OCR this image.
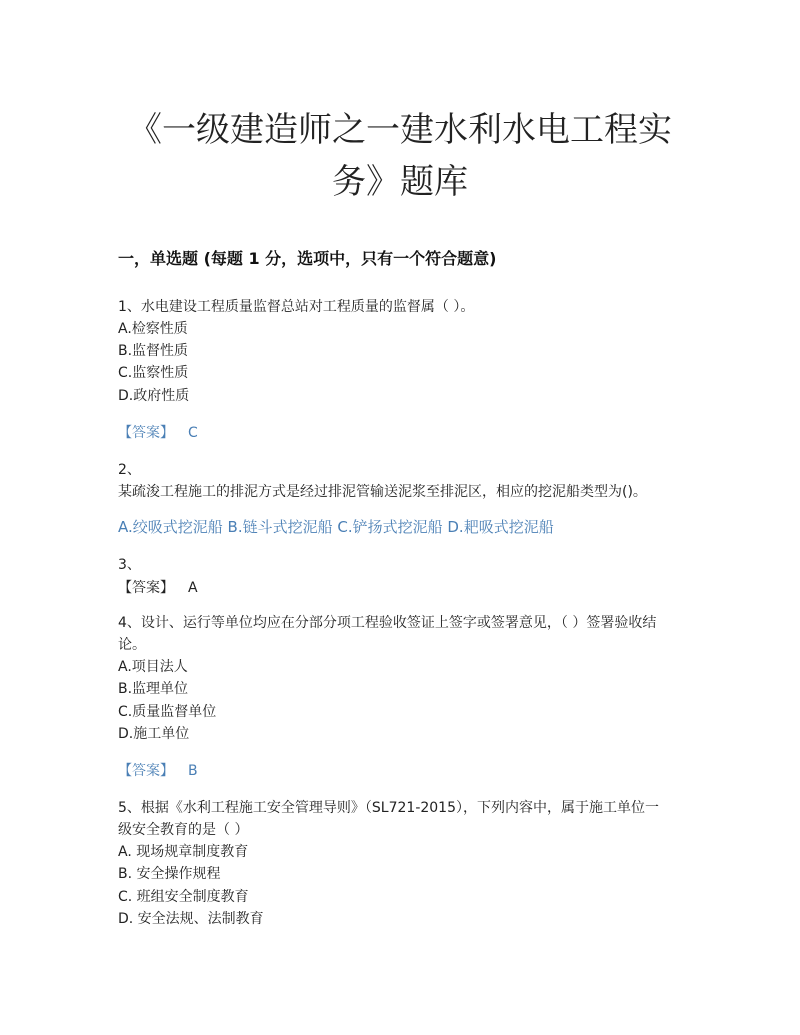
《一级建造师之一建水利水电工程实
务》题库
一，单选题 (每题 1 分，选项中，只有一个符合题意)
1、水电建设工程质量监督总站对工程质量的监督属（ ）。
A.检察性质
B.监督性质
C.监察性质
D.政府性质
【答案】 C
2、
某疏浚工程施工的排泥方式是经过排泥管输送泥浆至排泥区，相应的挖泥船类型为()。
A.绞吸式挖泥船 B.链斗式挖泥船 C.铲扬式挖泥船 D.耙吸式挖泥船
3、
【答案】 A
4、设计、运行等单位均应在分部分项工程验收签证上签字或签署意见，（ ）签署验收结
论。
A.项目法人
B.监理单位
C.质量监督单位
D.施工单位
【答案】 B
5、根据《水利工程施工安全管理导则》（SL721-2015），下列内容中，属于施工单位一
级安全教育的是（ ）
A. 现场规章制度教育
B. 安全操作规程
C. 班组安全制度教育
D. 安全法规、法制教育
